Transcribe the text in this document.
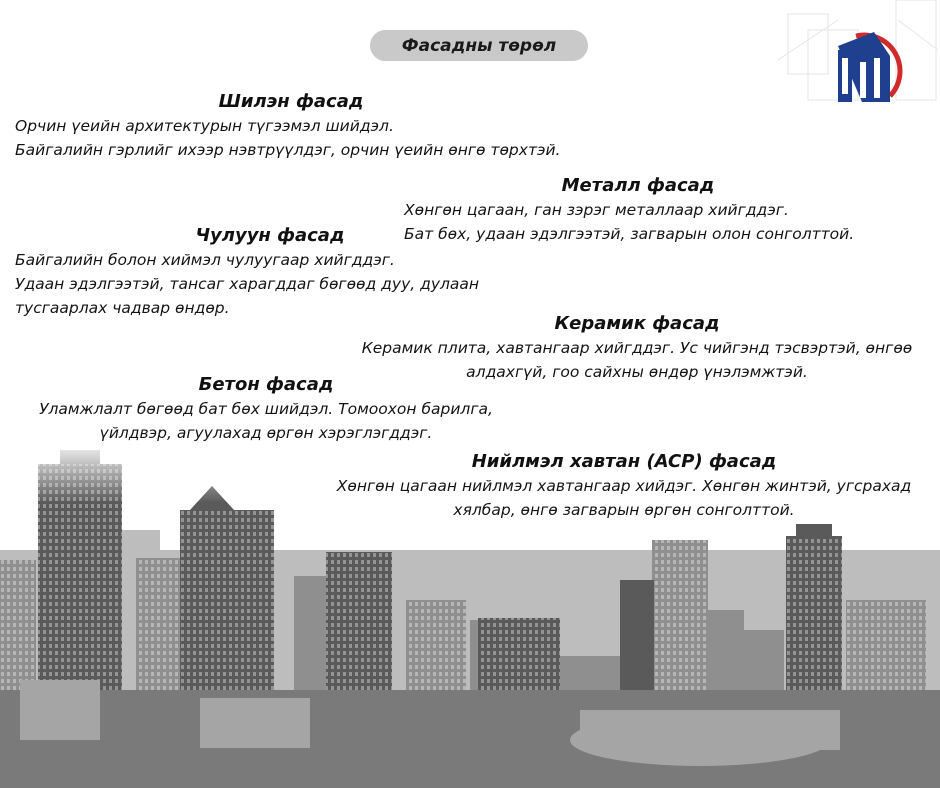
Фасадны төрөл
Шилэн фасад

Орчин үеийн архитектурын түгээмэл шийдэл.

Байгалийн гэрлийг ихээр нэвтрүүлдэг, орчин үеийн өнгө төрхтэй.

Металл фасад

Хөнгөн цагаан, ган зэрэг металлаар хийгддэг.

Бат бөх, удаан эдэлгээтэй, загварын олон сонголттой.

Чулуун фасад

Байгалийн болон хиймэл чулуугаар хийгддэг.

Удаан эдэлгээтэй, тансаг харагддаг бөгөөд дуу, дулаан

тусгаарлах чадвар өндөр.

Керамик фасад

Керамик плита, хавтангаар хийгддэг. Ус чийгэнд тэсвэртэй, өнгөө

алдахгүй, гоо сайхны өндөр үнэлэмжтэй.

Бетон фасад

Уламжлалт бөгөөд бат бөх шийдэл. Томоохон барилга,

үйлдвэр, агуулахад өргөн хэрэглэгддэг.

Нийлмэл хавтан (ACP) фасад

Хөнгөн цагаан нийлмэл хавтангаар хийдэг. Хөнгөн жинтэй, угсрахад

хялбар, өнгө загварын өргөн сонголттой.
